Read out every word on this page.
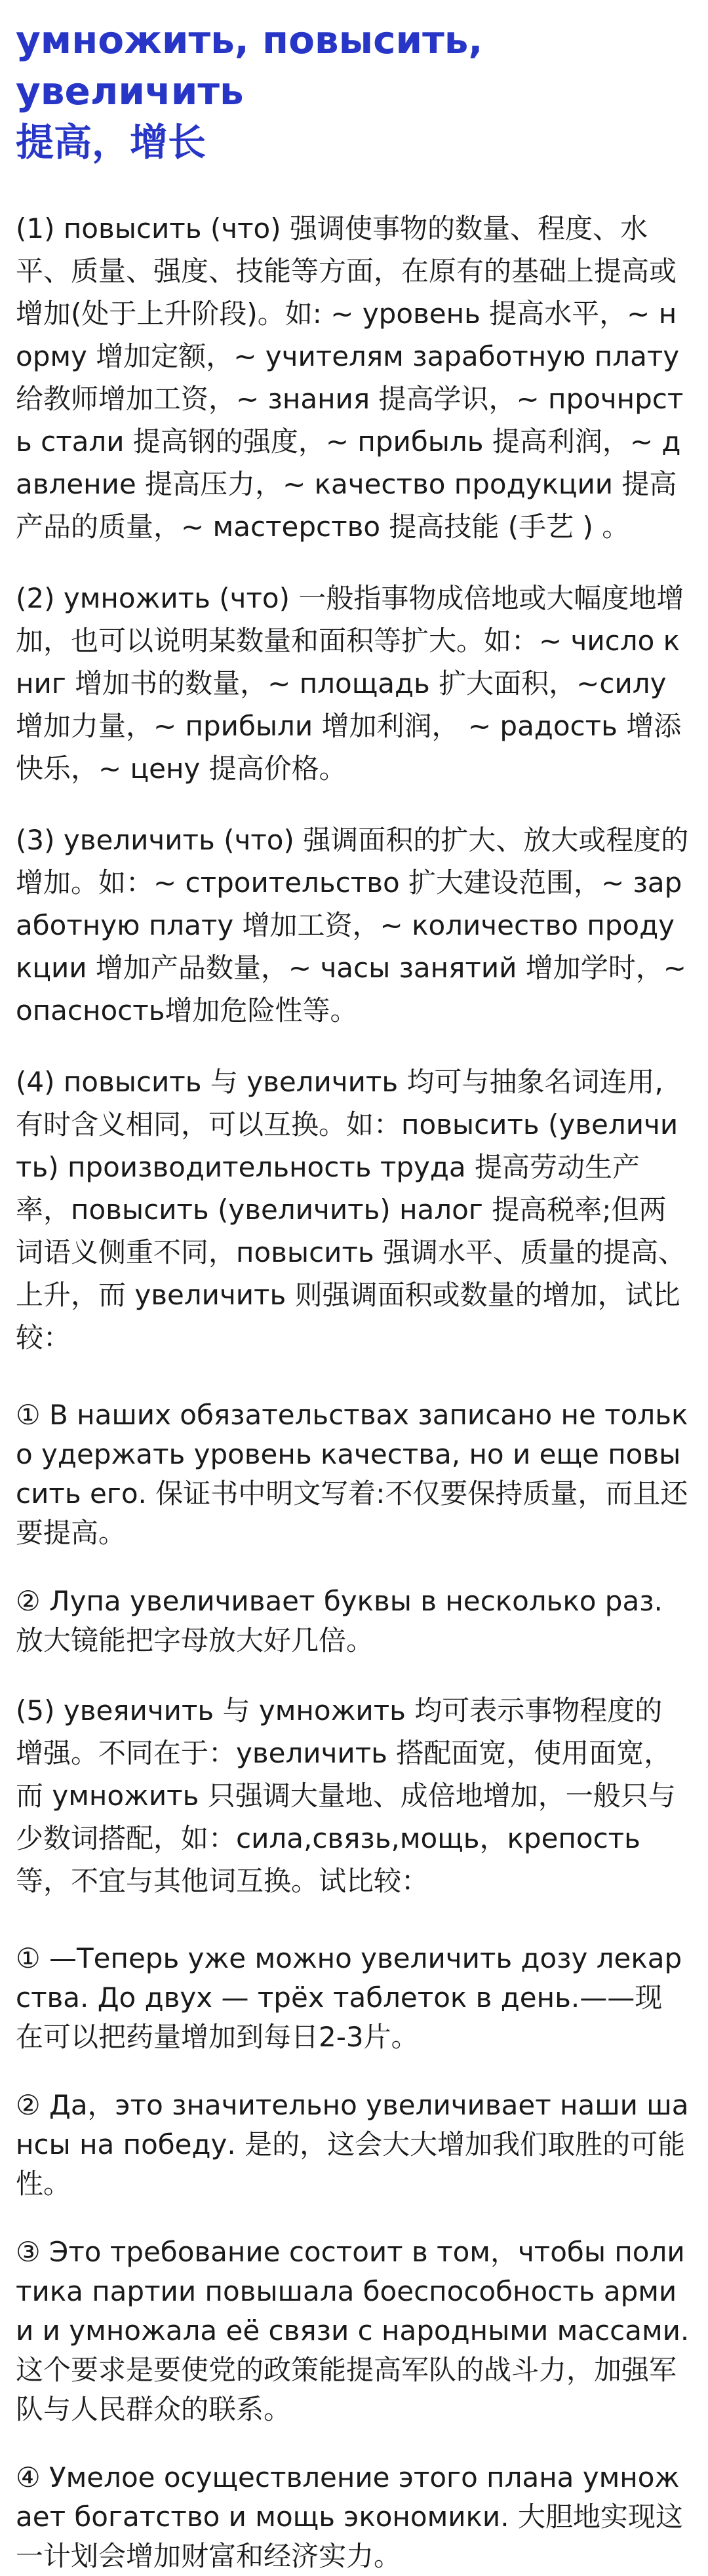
умножить, повысить, увеличить
提高，增长

(1) повысить (что) 强调使事物的数量、程度、水平、质量、强度、技能等方面，在原有的基础上提高或增加(处于上升阶段)。如: ~ уровень 提高水平，~ норму 增加定额，~ учителям заработную плату 给教师增加工资，~ знания 提高学识，~ прочнрсть стали 提高钢的强度，~ прибыль 提高利润，~ давление 提高压力，~ качество продукции 提高产品的质量，~ мастерство 提高技能 (手艺 ) 。

(2) умножить (что) 一般指事物成倍地或大幅度地增加，也可以说明某数量和面积等扩大。如：~ число книг 增加书的数量，~ площадь 扩大面积，~силу 增加力量，~ прибыли 增加利润， ~ радость 增添快乐，~ цену 提高价格。

(3) увеличить (что) 强调面积的扩大、放大或程度的增加。如：~ строительство 扩大建设范围，~ заработную плату 增加工资，~ количество продукции 增加产品数量，~ часы занятий 增加学时，~опасность增加危险性等。

(4) повысить 与 увеличить 均可与抽象名词连用,有时含义相同，可以互换。如：повысить (увеличить) производительность труда 提高劳动生产率，повысить (увеличить) налог 提高税率;但两词语义侧重不同，повысить 强调水平、质量的提高、上升，而 увеличить 则强调面积或数量的增加，试比较：

① В наших обязательствах записано не только удержать уровень качества, но и еще повысить его. 保证书中明文写着:不仅要保持质量，而且还要提高。

② Лупа увеличивает буквы в несколько раз. 放大镜能把字母放大好几倍。

(5) увеяичить 与 умножить 均可表示事物程度的增强。不同在于：увеличить 搭配面宽，使用面宽，而 умножить 只强调大量地、成倍地增加，一般只与少数词搭配，如：сила,связь,мощь，крепость 等，不宜与其他词互换。试比较：

① —Теперь уже можно увеличить дозу лекарства. До двух — трёх таблеток в день.——现在可以把药量增加到每日2-3片。

② Да，это значительно увеличивает наши шансы на победу. 是的，这会大大增加我们取胜的可能性。

③ Это требование состоит в том，чтобы политика партии повышала боеспособность армии и умножала её связи с народными массами. 这个要求是要使党的政策能提高军队的战斗力，加强军队与人民群众的联系。

④ Умелое осуществление этого плана умножает богатство и мощь экономики. 大胆地实现这一计划会增加财富和经济实力。
